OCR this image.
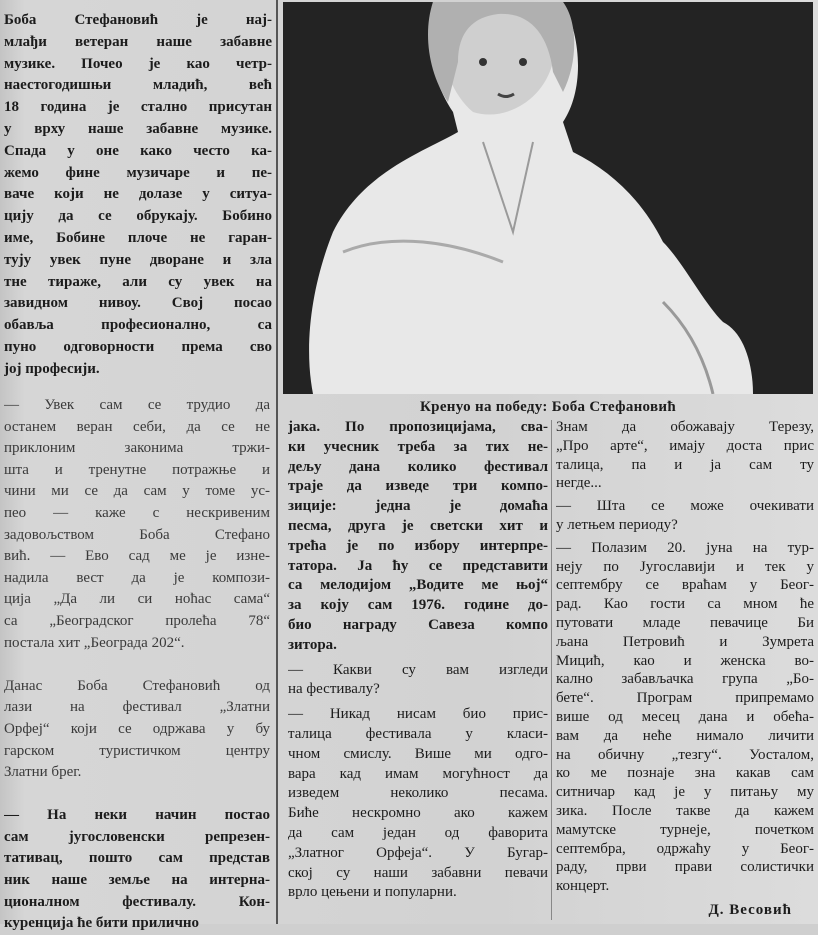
Боба Стефановић је нај-
млађи ветеран наше забавне
музике. Почео је као четр-
наестогодишњи младић, већ
18 година је стално присутан
у врху наше забавне музике.
Спада у оне како често ка-
жемо фине музичаре и пе-
ваче који не долазе у ситуа-
цију да се обрукају. Бобино
име, Бобине плоче не гаран-
тују увек пуне дворане и зла
тне тираже, али су увек на
завидном нивоу. Свој посао
обавља професионално, са
пуно одговорности према сво
јој професији.
Кренуо на победу: Боба Стефановић
— Увек сам се трудио да
останем веран себи, да се не
приклоним законима тржи-
шта и тренутне потражње и
чини ми се да сам у томе ус-
пео — каже с нескривеним
задовољством Боба Стефано
вић. — Ево сад ме је изне-
надила вест да је компози-
ција „Да ли си ноћас сама“
са „Београдског пролећа 78“
постала хит „Београда 202“.
Данас Боба Стефановић од
лази на фестивал „Златни
Орфеј“ који се одржава у бу
гарском туристичком центру
Златни брег.
— На неки начин постао
сам југословенски репрезен-
тативац, пошто сам представ
ник наше земље на интерна-
ционалном фестивалу. Кон-
куренција ће бити прилично
јака. По пропозицијама, сва-
ки учесник треба за тих не-
дељу дана колико фестивал
траје да изведе три компо-
зиције: једна је домаћа
песма, друга је светски хит и
трећа је по избору интерпре-
татора. Ја ћу се представити
са мелодијом „Водите ме њој“
за коју сам 1976. године до-
био награду Савеза компо
зитора.
— Какви су вам изгледи
на фестивалу?
— Никад нисам био прис-
талица фестивала у класи-
чном смислу. Више ми одго-
вара кад имам могућност да
изведем неколико песама.
Биће нескромно ако кажем
да сам један од фаворита
„Златног Орфеја“. У Бугар-
ској су наши забавни певачи
врло цењени и популарни.
Знам да обожавају Терезу,
„Про арте“, имају доста прис
талица, па и ја сам ту
негде...
— Шта се може очекивати
у летњем периоду?
— Полазим 20. јуна на тур-
неју по Југославији и тек у
септембру се враћам у Беог-
рад. Као гости са мном ће
путовати младе певачице Би
љана Петровић и Зумрета
Мицић, као и женска во-
кално забављачка група „Бо-
бете“. Програм припремамо
више од месец дана и обећа-
вам да неће нимало личити
на обичну „тезгу“. Уосталом,
ко ме познаје зна какав сам
ситничар кад је у питању му
зика. После такве да кажем
мамутске турнеје, почетком
септембра, одржаћу у Беог-
раду, први прави солистички
концерт.
Д. Весовић
